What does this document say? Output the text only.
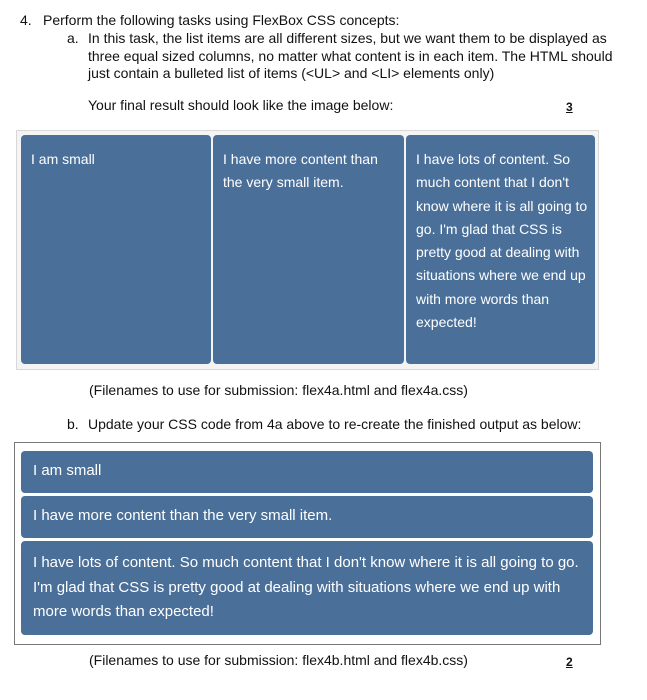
4. Perform the following tasks using FlexBox CSS concepts:
a. In this task, the list items are all different sizes, but we want them to be displayed as three equal sized columns, no matter what content is in each item. The HTML should just contain a bulleted list of items (<UL> and <LI> elements only)
Your final result should look like the image below:	3
I am small	I have more content than the very small item.
I have lots of content. So much content that I don't know where it is all going to go. I'm glad that CSS is pretty good at dealing with situations where we end up with more words than expected!
(Filenames to use for submission: flex4a.html and flex4a.css)
b. Update your CSS code from 4a above to re-create the finished output as below:
I am small
I have more content than the very small item.
I have lots of content. So much content that I don't know where it is all going to go. I'm glad that CSS is pretty good at dealing with situations where we end up with more words than expected!
(Filenames to use for submission: flex4b.html and flex4b.css)	2
